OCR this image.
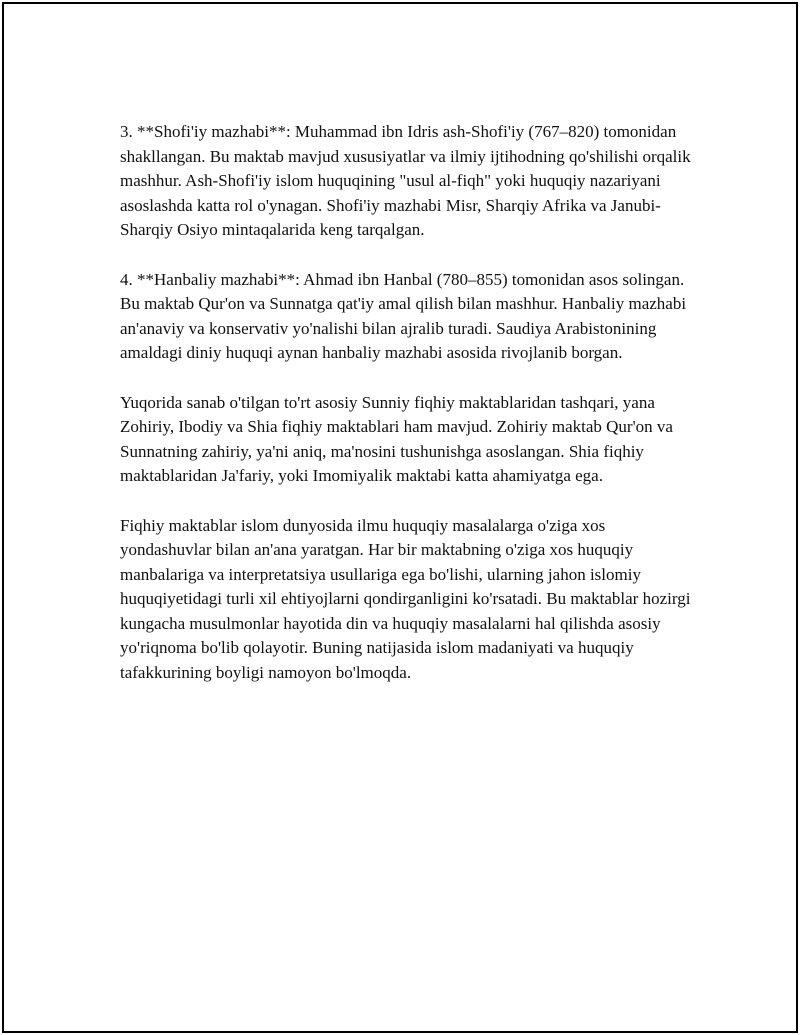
3. **Shofi'iy mazhabi**: Muhammad ibn Idris ash-Shofi'iy (767–820) tomonidan shakllangan. Bu maktab mavjud xususiyatlar va ilmiy ijtihodning qo'shilishi orqalik mashhur. Ash-Shofi'iy islom huquqining "usul al-fiqh" yoki huquqiy nazariyani asoslashda katta rol o'ynagan. Shofi'iy mazhabi Misr, Sharqiy Afrika va Janubi-Sharqiy Osiyo mintaqalarida keng tarqalgan.

4. **Hanbaliy mazhabi**: Ahmad ibn Hanbal (780–855) tomonidan asos solingan. Bu maktab Qur'on va Sunnatga qat'iy amal qilish bilan mashhur. Hanbaliy mazhabi an'anaviy va konservativ yo'nalishi bilan ajralib turadi. Saudiya Arabistonining amaldagi diniy huquqi aynan hanbaliy mazhabi asosida rivojlanib borgan.

Yuqorida sanab o'tilgan to'rt asosiy Sunniy fiqhiy maktablaridan tashqari, yana Zohiriy, Ibodiy va Shia fiqhiy maktablari ham mavjud. Zohiriy maktab Qur'on va Sunnatning zahiriy, ya'ni aniq, ma'nosini tushunishga asoslangan. Shia fiqhiy maktablaridan Ja'fariy, yoki Imomiyalik maktabi katta ahamiyatga ega.

Fiqhiy maktablar islom dunyosida ilmu huquqiy masalalarga o'ziga xos yondashuvlar bilan an'ana yaratgan. Har bir maktabning o'ziga xos huquqiy manbalariga va interpretatsiya usullariga ega bo'lishi, ularning jahon islomiy huquqiyetidagi turli xil ehtiyojlarni qondirganligini ko'rsatadi. Bu maktablar hozirgi kungacha musulmonlar hayotida din va huquqiy masalalarni hal qilishda asosiy yo'riqnoma bo'lib qolayotir. Buning natijasida islom madaniyati va huquqiy tafakkurining boyligi namoyon bo'lmoqda.
